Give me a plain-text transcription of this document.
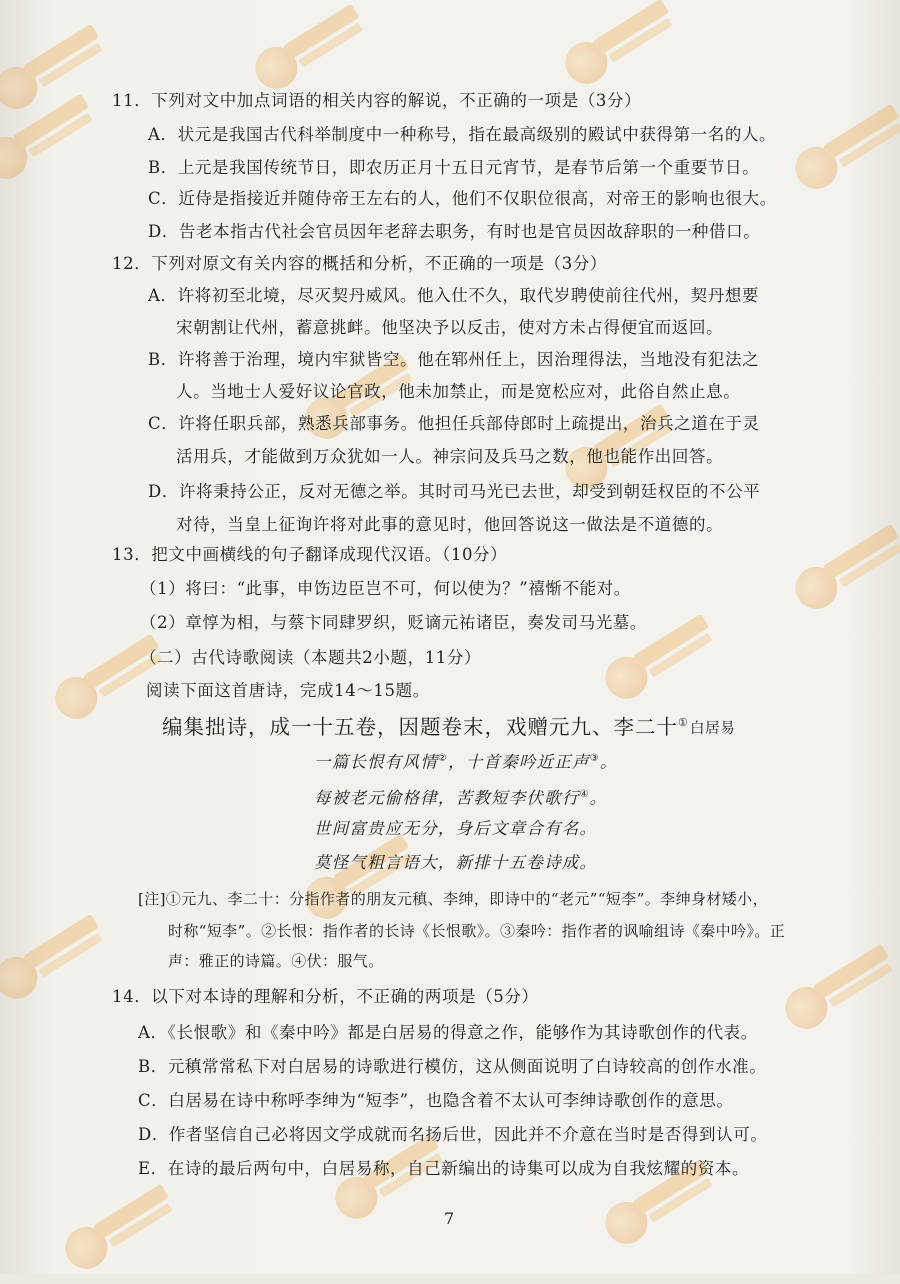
11．下列对文中加点词语的相关内容的解说，不正确的一项是（3分）
A．状元是我国古代科举制度中一种称号，指在最高级别的殿试中获得第一名的人。
B．上元是我国传统节日，即农历正月十五日元宵节，是春节后第一个重要节日。
C．近侍是指接近并随侍帝王左右的人，他们不仅职位很高，对帝王的影响也很大。
D．告老本指古代社会官员因年老辞去职务，有时也是官员因故辞职的一种借口。
12．下列对原文有关内容的概括和分析，不正确的一项是（3分）
A．许将初至北境，尽灭契丹威风。他入仕不久，取代岁聘使前往代州，契丹想要
宋朝割让代州，蓄意挑衅。他坚决予以反击，使对方未占得便宜而返回。
B．许将善于治理，境内牢狱皆空。他在郓州任上，因治理得法，当地没有犯法之
人。当地士人爱好议论官政，他未加禁止，而是宽松应对，此俗自然止息。
C．许将任职兵部，熟悉兵部事务。他担任兵部侍郎时上疏提出，治兵之道在于灵
活用兵，才能做到万众犹如一人。神宗问及兵马之数，他也能作出回答。
D．许将秉持公正，反对无德之举。其时司马光已去世，却受到朝廷权臣的不公平
对待，当皇上征询许将对此事的意见时，他回答说这一做法是不道德的。
13．把文中画横线的句子翻译成现代汉语。（10分）
（1）将曰：“此事，申饬边臣岂不可，何以使为？”禧惭不能对。
（2）章惇为相，与蔡卞同肆罗织，贬谪元祐诸臣，奏发司马光墓。
（二）古代诗歌阅读（本题共2小题，11分）
阅读下面这首唐诗，完成14～15题。
编集拙诗，成一十五卷，因题卷末，戏赠元九、李二十① 白居易
一篇长恨有风情②，十首秦吟近正声③。
每被老元偷格律，苦教短李伏歌行④。
世间富贵应无分，身后文章合有名。
莫怪气粗言语大，新排十五卷诗成。
[注]①元九、李二十：分指作者的朋友元稹、李绅，即诗中的“老元”“短李”。李绅身材矮小，
时称“短李”。②长恨：指作者的长诗《长恨歌》。③秦吟：指作者的讽喻组诗《秦中吟》。正
声：雅正的诗篇。④伏：服气。
14．以下对本诗的理解和分析，不正确的两项是（5分）
A．《长恨歌》和《秦中吟》都是白居易的得意之作，能够作为其诗歌创作的代表。
B．元稹常常私下对白居易的诗歌进行模仿，这从侧面说明了白诗较高的创作水准。
C．白居易在诗中称呼李绅为“短李”，也隐含着不太认可李绅诗歌创作的意思。
D．作者坚信自己必将因文学成就而名扬后世，因此并不介意在当时是否得到认可。
E．在诗的最后两句中，白居易称，自己新编出的诗集可以成为自我炫耀的资本。
7
